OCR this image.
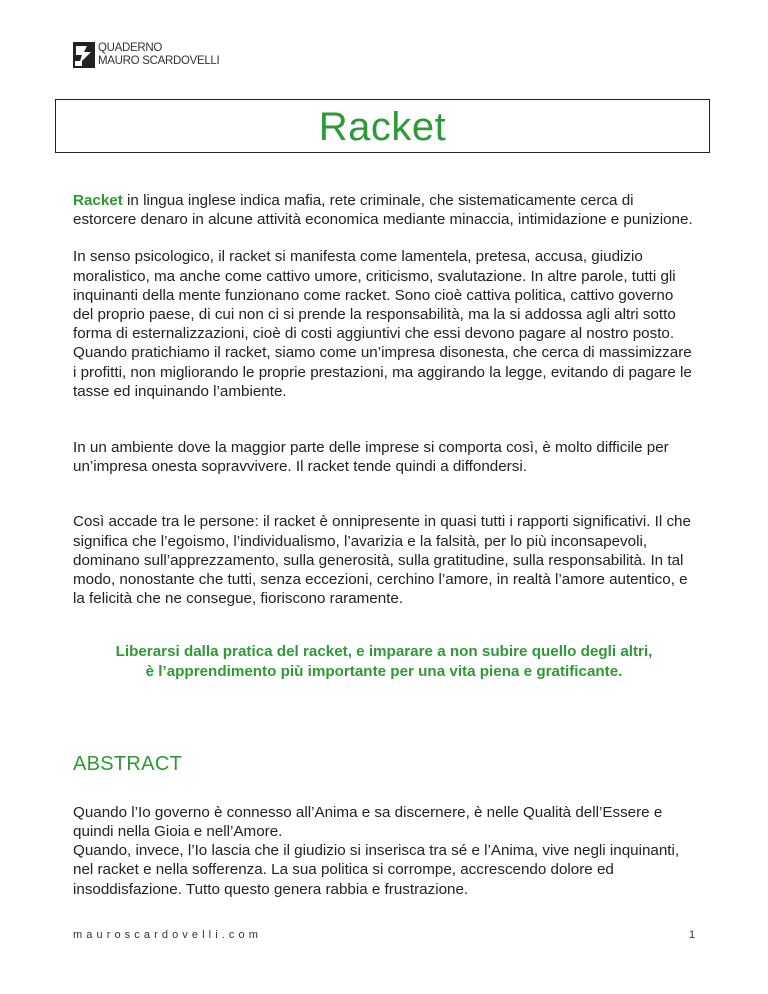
QUADERNO
MAURO SCARDOVELLI
Racket

Racket in lingua inglese indica mafia, rete criminale, che sistematicamente cerca di estorcere denaro in alcune attività economica mediante minaccia, intimidazione e punizione.

In senso psicologico, il racket si manifesta come lamentela, pretesa, accusa, giudizio moralistico, ma anche come cattivo umore, criticismo, svalutazione. In altre parole, tutti gli inquinanti della mente funzionano come racket. Sono cioè cattiva politica, cattivo governo del proprio paese, di cui non ci si prende la responsabilità, ma la si addossa agli altri sotto forma di esternalizzazioni, cioè di costi aggiuntivi che essi devono pagare al nostro posto. Quando pratichiamo il racket, siamo come un’impresa disonesta, che cerca di massimizzare i profitti, non migliorando le proprie prestazioni, ma aggirando la legge, evitando di pagare le tasse ed inquinando l’ambiente.

In un ambiente dove la maggior parte delle imprese si comporta così, è molto difficile per un’impresa onesta sopravvivere. Il racket tende quindi a diffondersi.

Così accade tra le persone: il racket è onnipresente in quasi tutti i rapporti significativi. Il che significa che l’egoismo, l’individualismo, l’avarizia e la falsità, per lo più inconsapevoli, dominano sull’apprezzamento, sulla generosità, sulla gratitudine, sulla responsabilità. In tal modo, nonostante che tutti, senza eccezioni, cerchino l’amore, in realtà l’amore autentico, e la felicità che ne consegue, fioriscono raramente.

Liberarsi dalla pratica del racket, e imparare a non subire quello degli altri,
è l’apprendimento più importante per una vita piena e gratificante.
ABSTRACT

Quando l’Io governo è connesso all’Anima e sa discernere, è nelle Qualità dell’Essere e quindi nella Gioia e nell’Amore.

Quando, invece, l’Io lascia che il giudizio si inserisca tra sé e l’Anima, vive negli inquinanti, nel racket e nella sofferenza. La sua politica si corrompe, accrescendo dolore ed insoddisfazione. Tutto questo genera rabbia e frustrazione.

mauroscardovelli.com	1
